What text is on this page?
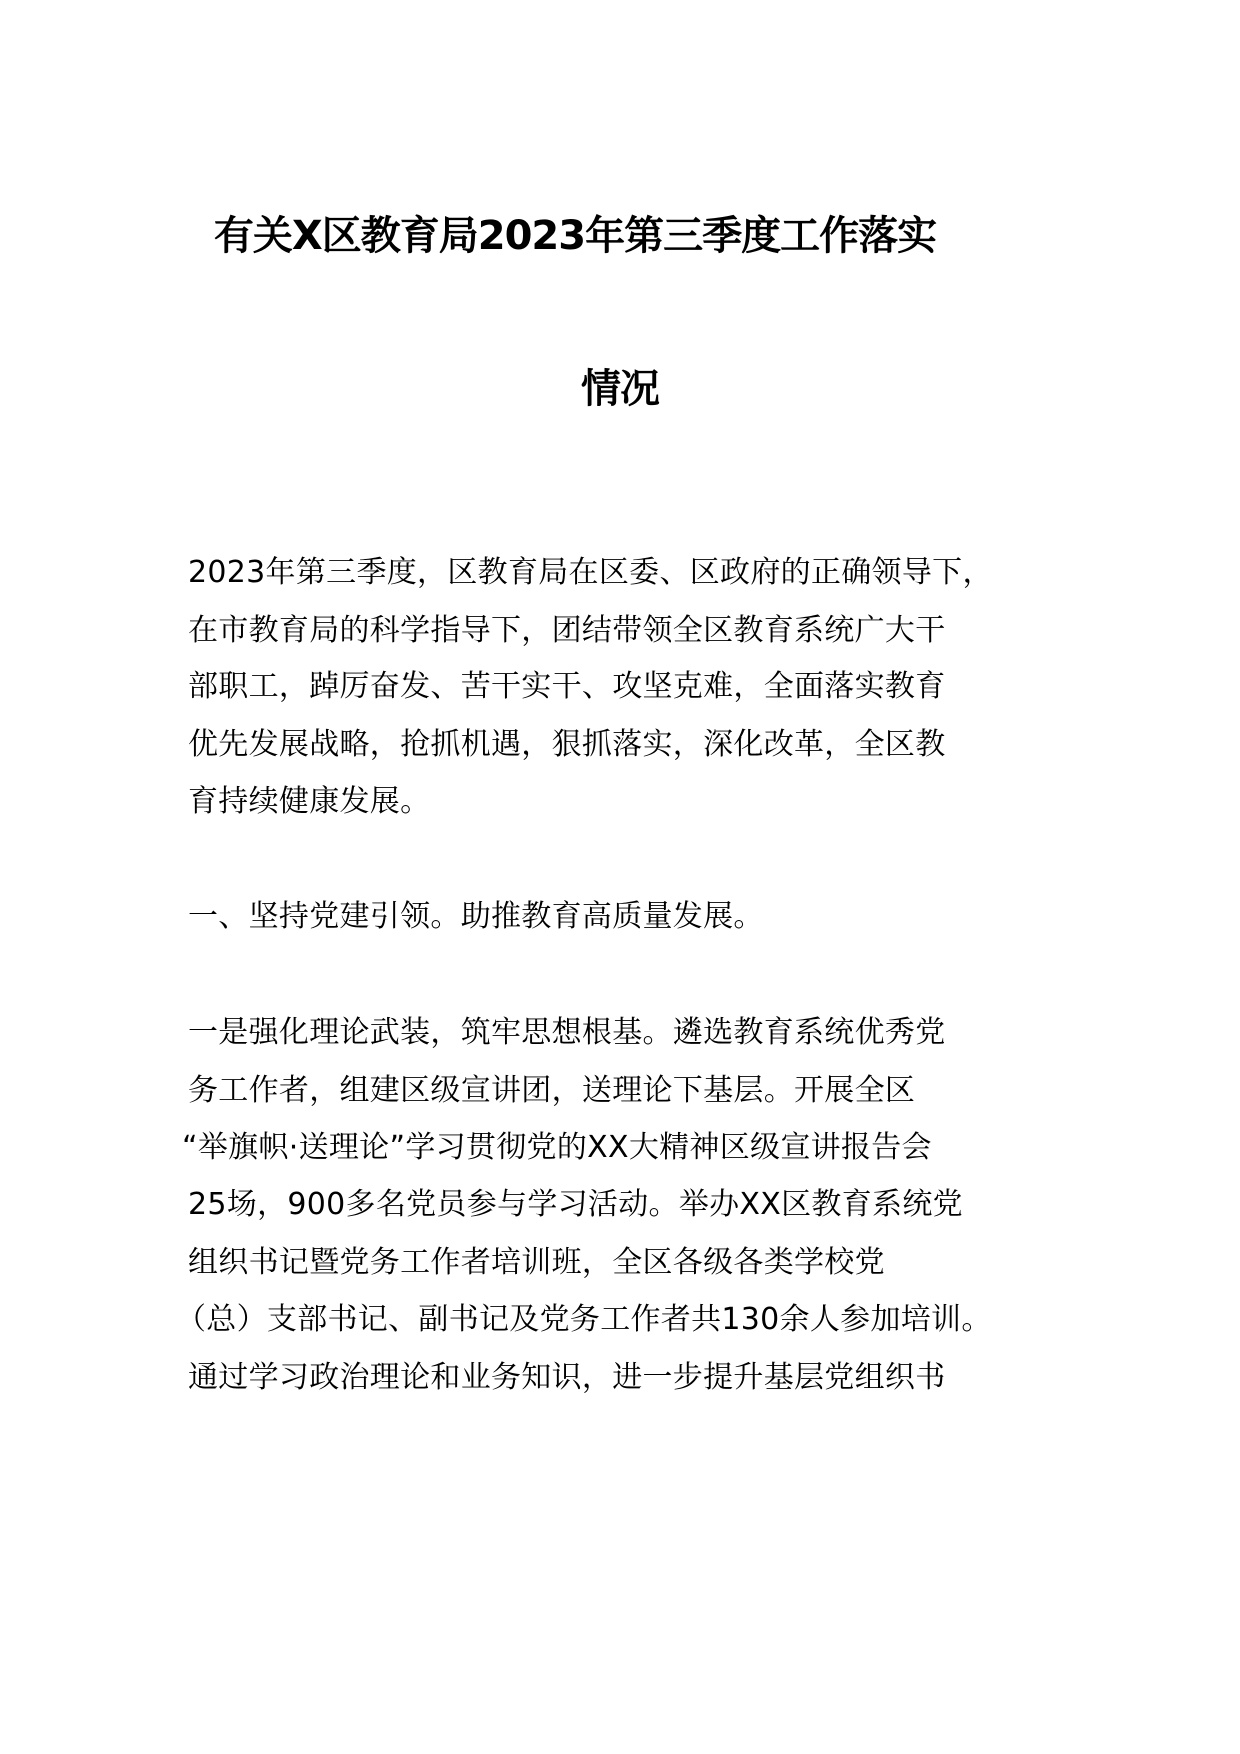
有关X区教育局2023年第三季度工作落实
情况

2023年第三季度，区教育局在区委、区政府的正确领导下，

在市教育局的科学指导下，团结带领全区教育系统广大干

部职工，踔厉奋发、苦干实干、攻坚克难，全面落实教育

优先发展战略，抢抓机遇，狠抓落实，深化改革，全区教

育持续健康发展。

一、坚持党建引领。助推教育高质量发展。

一是强化理论武装，筑牢思想根基。遴选教育系统优秀党

务工作者，组建区级宣讲团，送理论下基层。开展全区

“举旗帜·送理论”学习贯彻党的XX大精神区级宣讲报告会

25场，900多名党员参与学习活动。举办XX区教育系统党

组织书记暨党务工作者培训班，全区各级各类学校党

（总）支部书记、副书记及党务工作者共130余人参加培训。

通过学习政治理论和业务知识，进一步提升基层党组织书
